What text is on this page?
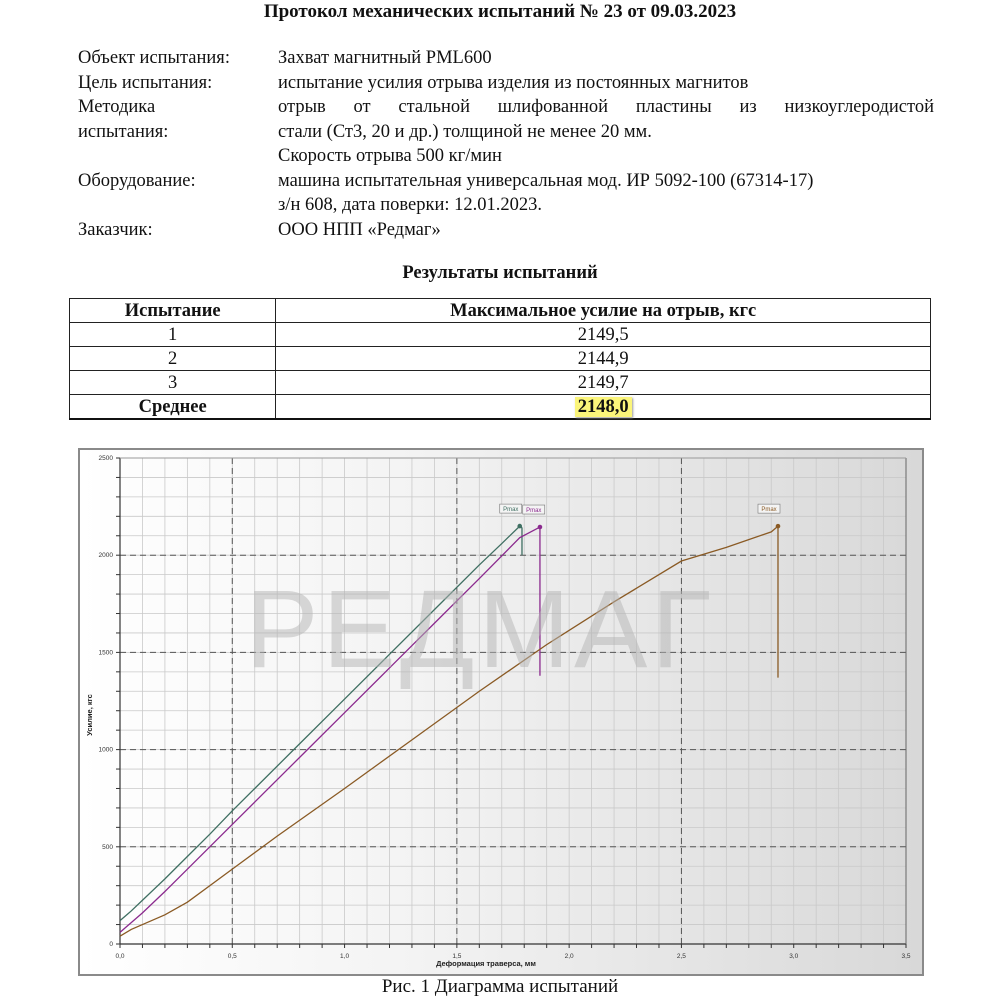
Протокол механических испытаний № 23 от 09.03.2023
Объект испытания:	Захват магнитный PML600
Цель испытания:	испытание усилия отрыва изделия из постоянных магнитов
Методика	отрыв от стальной шлифованной пластины из низкоуглеродистой
испытания:	стали (Ст3, 20 и др.) толщиной не менее 20 мм.
Скорость отрыва 500 кг/мин
Оборудование:	машина испытательная универсальная мод. ИР 5092-100 (67314-17)
з/н 608, дата поверки: 12.01.2023.
Заказчик:	ООО НПП «Редмаг»
Результаты испытаний
Испытание	Максимальное усилие на отрыв, кгс
1	2149,5
2	2144,9
3	2149,7
Среднее	2148,0
0,0	0,5	1,0	1,5	2,0	2,5	3,0	3,5
0
500
1000
1500
2000
2500
Pmax Pmax	Pmax
Деформация траверса, мм
Усилие, кгс
РЕДМАГ
Рис. 1 Диаграмма испытаний
